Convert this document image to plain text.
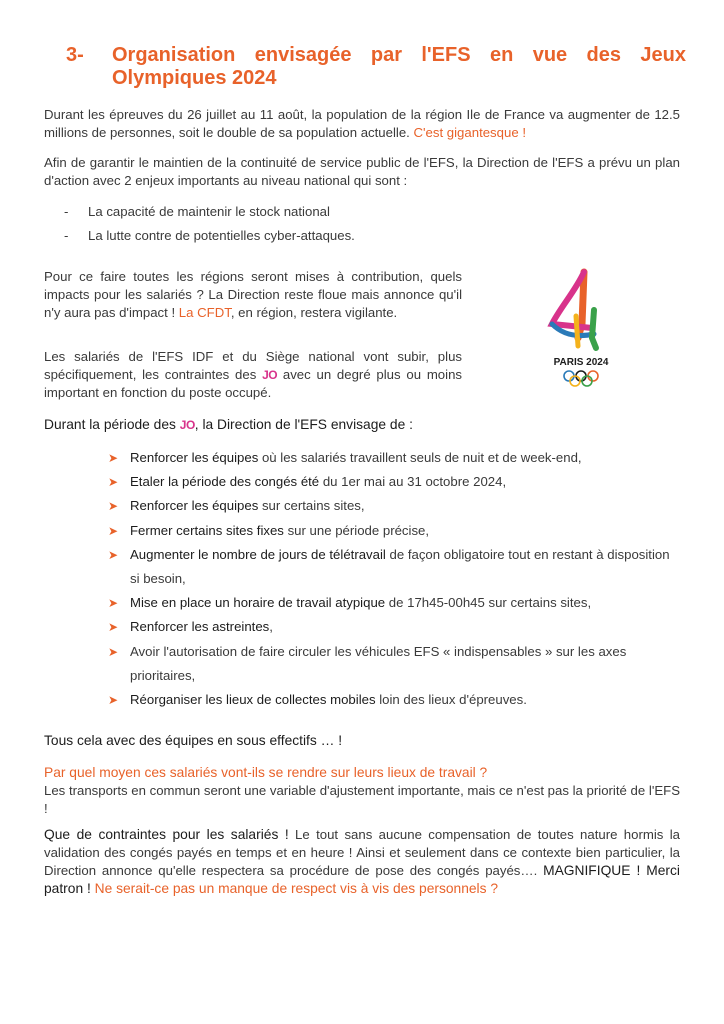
3-	Organisation envisagée par l'EFS en vue des Jeux Olympiques 2024

Durant les épreuves du 26 juillet au 11 août, la population de la région Ile de France va augmenter de 12.5 millions de personnes, soit le double de sa population actuelle. C'est gigantesque !

Afin de garantir le maintien de la continuité de service public de l'EFS, la Direction de l'EFS a prévu un plan d'action avec 2 enjeux importants au niveau national qui sont :

-	La capacité de maintenir le stock national
-	La lutte contre de potentielles cyber-attaques.

Pour ce faire toutes les régions seront mises à contribution, quels impacts pour les salariés ? La Direction reste floue mais annonce qu'il n'y aura pas d'impact ! La CFDT, en région, restera vigilante.

Les salariés de l'EFS IDF et du Siège national vont subir, plus spécifiquement, les contraintes des JO avec un degré plus ou moins important en fonction du poste occupé.

PARIS 2024

Durant la période des JO, la Direction de l'EFS envisage de :

➤ Renforcer les équipes où les salariés travaillent seuls de nuit et de week-end,
➤ Etaler la période des congés été du 1er mai au 31 octobre 2024,
➤ Renforcer les équipes sur certains sites,
➤ Fermer certains sites fixes sur une période précise,
➤ Augmenter le nombre de jours de télétravail de façon obligatoire tout en restant à disposition si besoin,
➤ Mise en place un horaire de travail atypique de 17h45-00h45 sur certains sites,
➤ Renforcer les astreintes,
➤ Avoir l'autorisation de faire circuler les véhicules EFS « indispensables » sur les axes prioritaires,
➤ Réorganiser les lieux de collectes mobiles loin des lieux d'épreuves.

Tous cela avec des équipes en sous effectifs … !

Par quel moyen ces salariés vont-ils se rendre sur leurs lieux de travail ?
Les transports en commun seront une variable d'ajustement importante, mais ce n'est pas la priorité de l'EFS !

Que de contraintes pour les salariés ! Le tout sans aucune compensation de toutes nature hormis la validation des congés payés en temps et en heure ! Ainsi et seulement dans ce contexte bien particulier, la Direction annonce qu'elle respectera sa procédure de pose des congés payés…. MAGNIFIQUE ! Merci patron ! Ne serait-ce pas un manque de respect vis à vis des personnels ?
